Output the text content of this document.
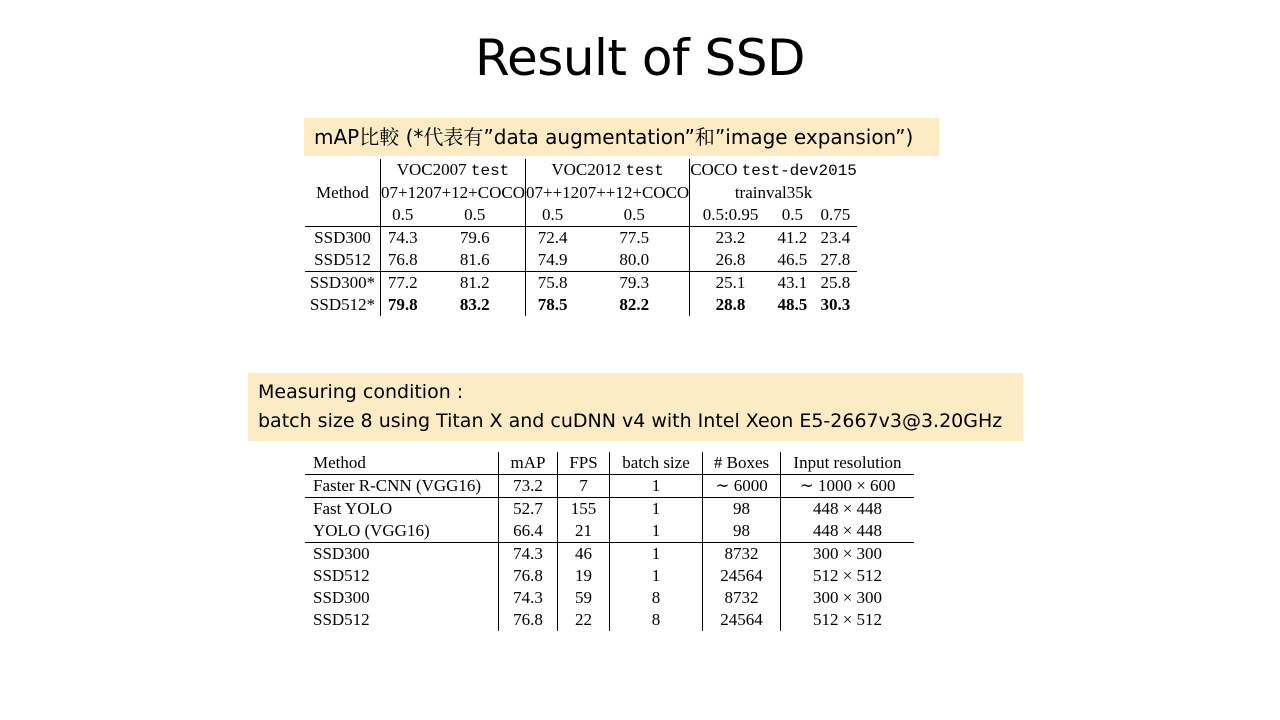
Result of SSD
mAP比較 (*代表有”data augmentation”和”image expansion”)
	VOC2007 test		VOC2012 test		COCO test-dev2015		
Method	07+12	07+12+COCO	07++12	07++12+COCO	trainval35k		
	0.5	0.5	0.5	0.5	0.5:0.95	0.5	0.75
SSD300	74.3	79.6	72.4	77.5	23.2	41.2	23.4
SSD512	76.8	81.6	74.9	80.0	26.8	46.5	27.8
SSD300*	77.2	81.2	75.8	79.3	25.1	43.1	25.8
SSD512*	79.8	83.2	78.5	82.2	28.8	48.5	30.3
Measuring condition :
batch size 8 using Titan X and cuDNN v4 with Intel Xeon E5-2667v3@3.20GHz
Method	mAP	FPS	batch size	# Boxes	Input resolution
Faster R-CNN (VGG16)	73.2	7	1	∼ 6000	∼ 1000 × 600
Fast YOLO	52.7	155	1	98	448 × 448
YOLO (VGG16)	66.4	21	1	98	448 × 448
SSD300	74.3	46	1	8732	300 × 300
SSD512	76.8	19	1	24564	512 × 512
SSD300	74.3	59	8	8732	300 × 300
SSD512	76.8	22	8	24564	512 × 512
